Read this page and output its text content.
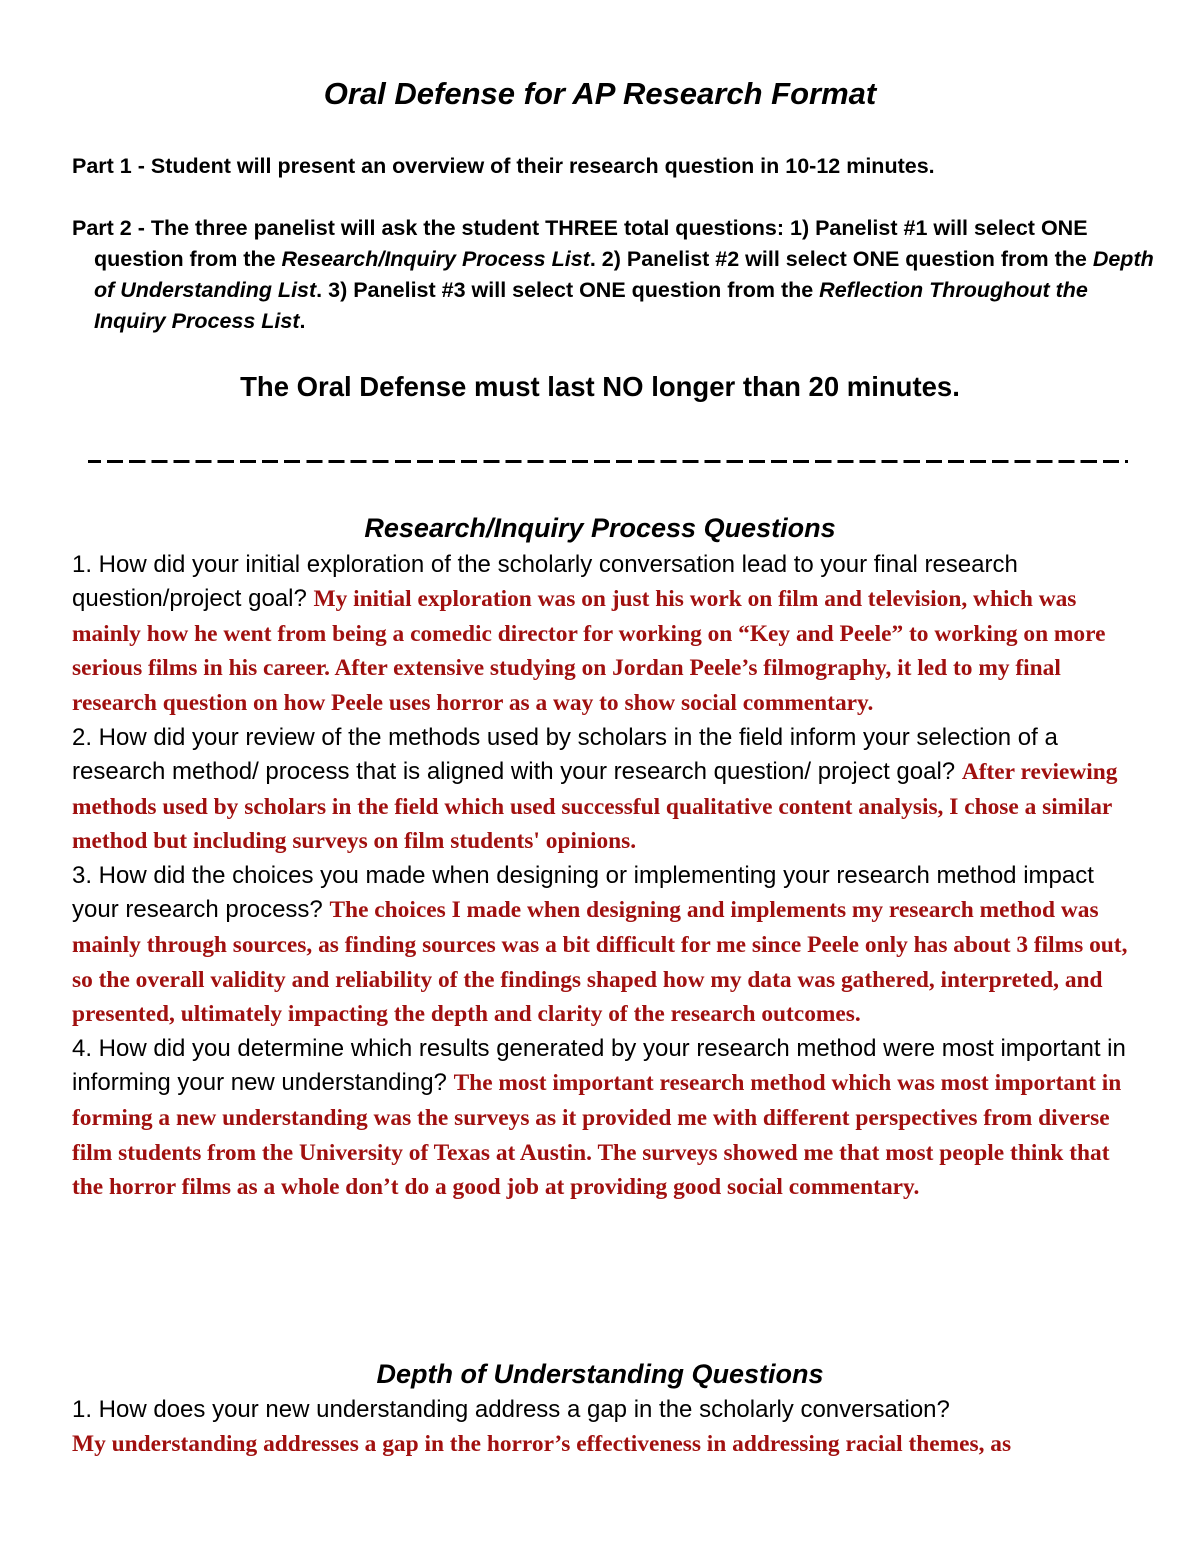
Oral Defense for AP Research Format

Part 1 - Student will present an overview of their research question in 10-12 minutes.

Part 2 - The three panelist will ask the student THREE total questions: 1) Panelist #1 will select ONE question from the Research/Inquiry Process List. 2) Panelist #2 will select ONE question from the Depth of Understanding List. 3) Panelist #3 will select ONE question from the Reflection Throughout the Inquiry Process List.

The Oral Defense must last NO longer than 20 minutes.

Research/Inquiry Process Questions

1. How did your initial exploration of the scholarly conversation lead to your final research question/project goal? My initial exploration was on just his work on film and television, which was mainly how he went from being a comedic director for working on “Key and Peele” to working on more serious films in his career. After extensive studying on Jordan Peele’s filmography, it led to my final research question on how Peele uses horror as a way to show social commentary.

2. How did your review of the methods used by scholars in the field inform your selection of a research method/ process that is aligned with your research question/ project goal? After reviewing methods used by scholars in the field which used successful qualitative content analysis, I chose a similar method but including surveys on film students' opinions.

3. How did the choices you made when designing or implementing your research method impact your research process? The choices I made when designing and implements my research method was mainly through sources, as finding sources was a bit difficult for me since Peele only has about 3 films out, so the overall validity and reliability of the findings shaped how my data was gathered, interpreted, and presented, ultimately impacting the depth and clarity of the research outcomes.

4. How did you determine which results generated by your research method were most important in informing your new understanding? The most important research method which was most important in forming a new understanding was the surveys as it provided me with different perspectives from diverse film students from the University of Texas at Austin. The surveys showed me that most people think that the horror films as a whole don’t do a good job at providing good social commentary.

Depth of Understanding Questions

1. How does your new understanding address a gap in the scholarly conversation?
My understanding addresses a gap in the horror’s effectiveness in addressing racial themes, as
